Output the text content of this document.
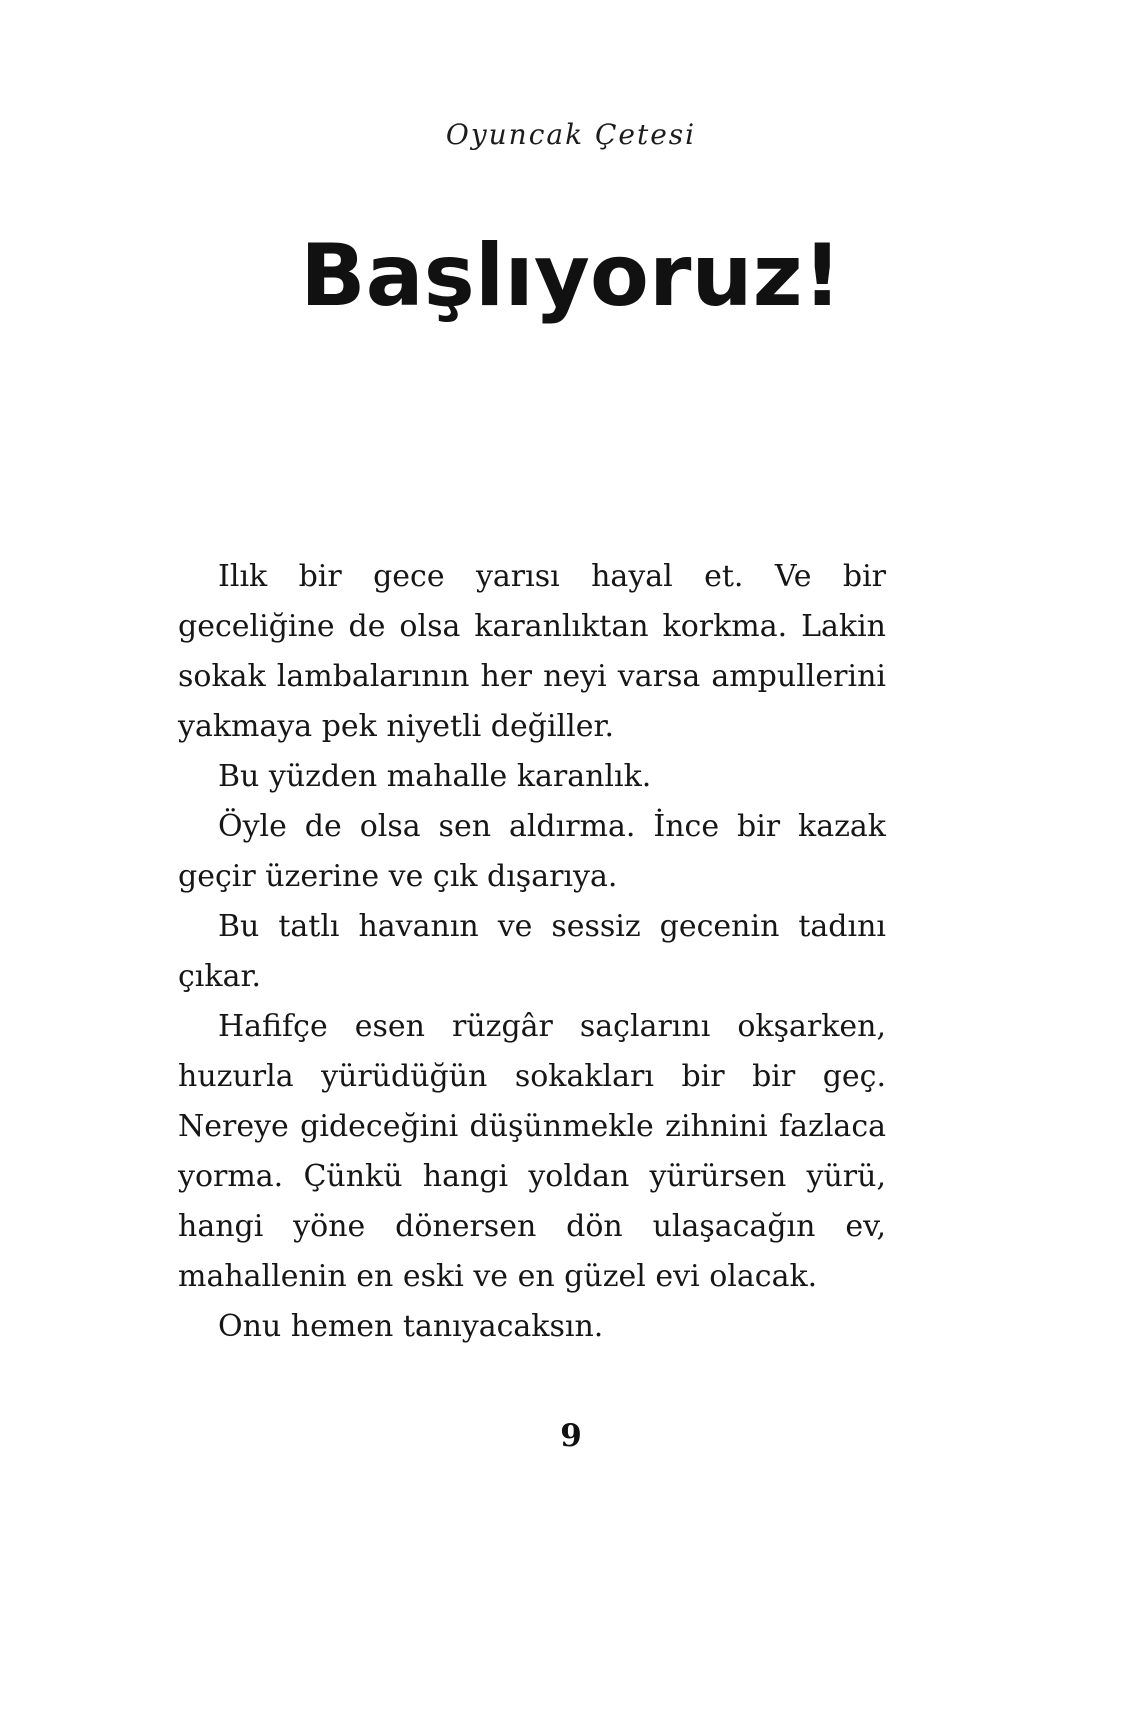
Oyuncak Çetesi
Başlıyoruz!

Ilık bir gece yarısı hayal et. Ve bir geceliğine de olsa karanlıktan korkma. Lakin sokak lambalarının her neyi varsa ampullerini yakmaya pek niyetli değiller.

Bu yüzden mahalle karanlık.

Öyle de olsa sen aldırma. İnce bir kazak geçir üzerine ve çık dışarıya.

Bu tatlı havanın ve sessiz gecenin tadını çıkar.

Hafifçe esen rüzgâr saçlarını okşarken, huzurla yürüdüğün sokakları bir bir geç. Nereye gideceğini düşünmekle zihnini fazlaca yorma. Çünkü hangi yoldan yürürsen yürü, hangi yöne dönersen dön ulaşacağın ev, mahallenin en eski ve en güzel evi olacak.

Onu hemen tanıyacaksın.

9
